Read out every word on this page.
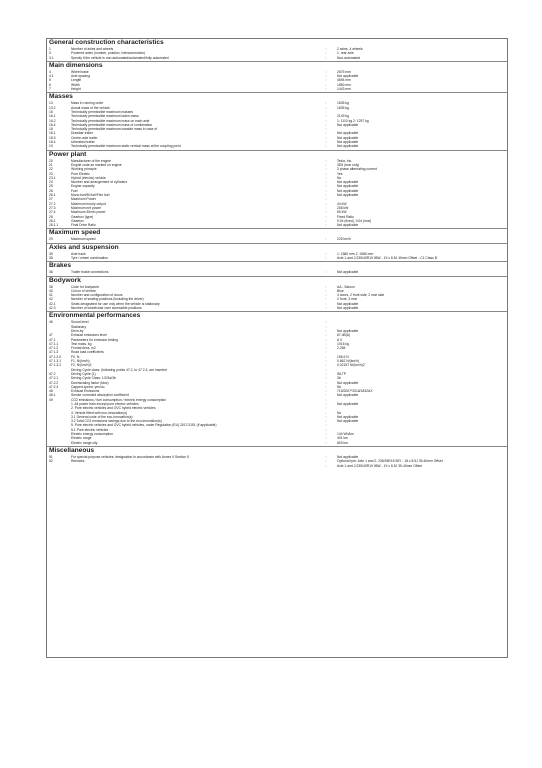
General construction characteristics
1	Number of axles and wheels	:	2 axles, 4 wheels
3	Powered axles (number, position, interconnection)	:	1, rear axle
3.1	Specify if the vehicle is non-automated/automated/fully automated	:	Non-automated
Main dimensions
4	Wheel base	:	2875 mm
4.1	Axle spacing	:	Not applicable
5	Length	:	4694 mm
6	Width	:	1850 mm
7	Height	:	1443 mm
Masses
13	Mass in running order	:	1835 kg
13.2	Actual mass of the vehicle	:	1835 kg
16	Technically permissible maximum masses	:
16.1	Technically permissible maximum laden mass	:	2149 kg
16.2	Technically permissible maximum mass on each axle	:	1: 1110 kg 2: 1257 kg
16.4	Technically permissible maximum mass of combination	:	Not applicable
18	Technically permissible maximum towable mass in case of	:
18.1	Drawbar trailer	:	Not applicable
18.3	Centre-axle trailer	:	Not applicable
18.4	Unbraked trailer	:	Not applicable
19	Technically permissible maximum static vertical mass at the coupling point	:	Not applicable
Power plant
20	Manufacturer of the engine	:	Tesla, Inc.
21	Engine code as marked on engine	:	3D5 (rear only)
22	Working principle	:	3 phase alternating current
23	Pure Electric	:	Yes
23.1	Hybrid (electric) vehicle	:	No
24	Number and arrangement of cylinders	:	Not applicable
25	Engine capacity	:	Not applicable
26	Fuel	:	Not applicable
26.1	Mono fuel/Bi fuel/Flex fuel	:	Not applicable
27	Maximum Power	:
27.2	Maximum hourly output	:	44 kW
27.3	Maximum net power	:	208 kW
27.4	Maximum 30min power	:	80 kW
28	Gearbox (type)	:	Fixed Ratio
28.1	Gearbox	:	9.04 (fixed), 9.04 (rear)
28.1.1	Final Drive Ratio	:	Not applicable
Maximum speed
29	Maximum speed	:	225 km/h
Axles and suspension
30	Axle track	:	1: 1580 mm 2: 1580 mm
35	Tyre / wheel combination	:	Axle 1 and 2:235/40R19 96W - 19 x 8.5J 40mm Offset - C1 Class B
Brakes
36	Trailer brake connections	:	Not applicable
Bodywork
38	Code for bodywork	:	AA - Saloon
40	Colour of vehicle	:	Blue
41	Number and configuration of doors	:	4 doors, 2 front side, 2 rear side
42	Number of seating positions (including the driver)	:	2 front, 3 rear
42.1	Seats designated for use only when the vehicle is stationary	:	Not applicable
42.3	Number of wheelchair user accessible positions	:	Not applicable
Environmental performances
46	Sound level	:
Stationary	:
Drive-by	:	Not applicable
47	Exhaust emissions level	:	67 dB(A)
47.1	Parameters for emission testing	:	A X
47.1.1	Test mass, kg	:	1915 kg
47.1.2	Frontal Area, m2	:	2.258
47.1.3	Road load coefficients	:
47.1.3.0	F0, N:	:	158.9 N
47.1.3.1	F1, N/(km/h)	:	0.862 N/(km/h)
47.1.3.2	F2, N/(km/h)2	:	0.02157 N/(km/h)2
Driving Cycle class: (following points 47.2, to 47.2.3, are inserted	:
47.2	Driving Cycle (1)	:	WLTP
47.2.1	Driving Cycle Class: 1/2/3a/3b	:	3b
47.2.2	Downscaling factor (fdsc)	:	Not applicable
47.2.3	Capped speed: yes/no	:	No
48	Exhaust Emissions	:	715/2007*2018/1832AX
48.1	Smoke corrected absorption coefficient	:	Not applicable
49	CO2 emissions / fuel consumption / electric energy consumption	:
1. All power train except pure electric vehicles	:	Not applicable
2. Pure electric vehicles and OVC hybrid electric vehicles	:
3. Vehicle fitted with eco-innovation(s)	:	No
3.1 General code of the eco-innovation(s)	:	Not applicable
3.2 Total CO2 emissions savings due to the eco-innovation(s)	:	Not applicable
5. Pure electric vehicles and OVC hybrid vehicles, under Regulation (EU) 2017/1151 (if applicable)	:
5.1 Pure electric vehicles	:
Electric energy consumption	:	144 Wh/km
Electric range	:	491 km
Electric range city	:	603 km
Miscellaneous
51	For special purpose vehicles: designation in accordance with Annex II Section 5	:	Not applicable
52	Remarks	:	Optional tyre: Axle 1 and 2: 235/45R18 98Y - 18 x 8.5J 35-40mm Offset
:	Axle 1 and 2:235/40R19 96W - 19 x 8.5J 35-40mm Offset
